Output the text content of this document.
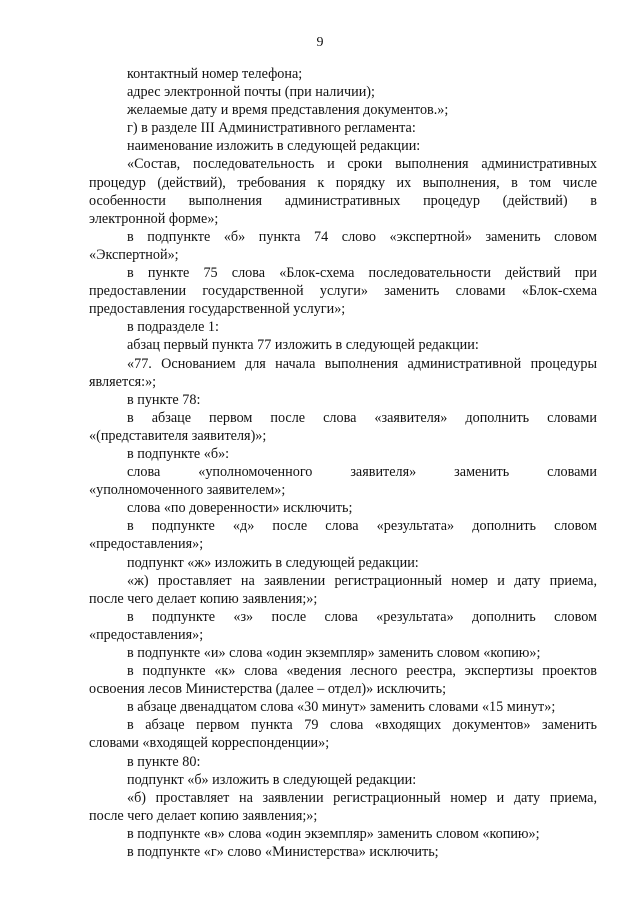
9

контактный номер телефона;

адрес электронной почты (при наличии);

желаемые дату и время представления документов.»;

г) в разделе III Административного регламента:

наименование изложить в следующей редакции:

«Состав, последовательность и сроки выполнения административных

процедур (действий), требования к порядку их выполнения, в том числе

особенности выполнения административных процедур (действий) в

электронной форме»;

в подпункте «б» пункта 74 слово «экспертной» заменить словом

«Экспертной»;

в пункте 75 слова «Блок-схема последовательности действий при

предоставлении государственной услуги» заменить словами «Блок-схема

предоставления государственной услуги»;

в подразделе 1:

абзац первый пункта 77 изложить в следующей редакции:

«77. Основанием для начала выполнения административной процедуры

является:»;

в пункте 78:

в абзаце первом после слова «заявителя» дополнить словами

«(представителя заявителя)»;

в подпункте «б»:

слова «уполномоченного заявителя» заменить словами

«уполномоченного заявителем»;

слова «по доверенности» исключить;

в подпункте «д» после слова «результата» дополнить словом

«предоставления»;

подпункт «ж» изложить в следующей редакции:

«ж) проставляет на заявлении регистрационный номер и дату приема,

после чего делает копию заявления;»;

в подпункте «з» после слова «результата» дополнить словом

«предоставления»;

в подпункте «и» слова «один экземпляр» заменить словом «копию»;

в подпункте «к» слова «ведения лесного реестра, экспертизы проектов

освоения лесов Министерства (далее – отдел)» исключить;

в абзаце двенадцатом слова «30 минут» заменить словами «15 минут»;

в абзаце первом пункта 79 слова «входящих документов» заменить

словами «входящей корреспонденции»;

в пункте 80:

подпункт «б» изложить в следующей редакции:

«б) проставляет на заявлении регистрационный номер и дату приема,

после чего делает копию заявления;»;

в подпункте «в» слова «один экземпляр» заменить словом «копию»;

в подпункте «г» слово «Министерства» исключить;
